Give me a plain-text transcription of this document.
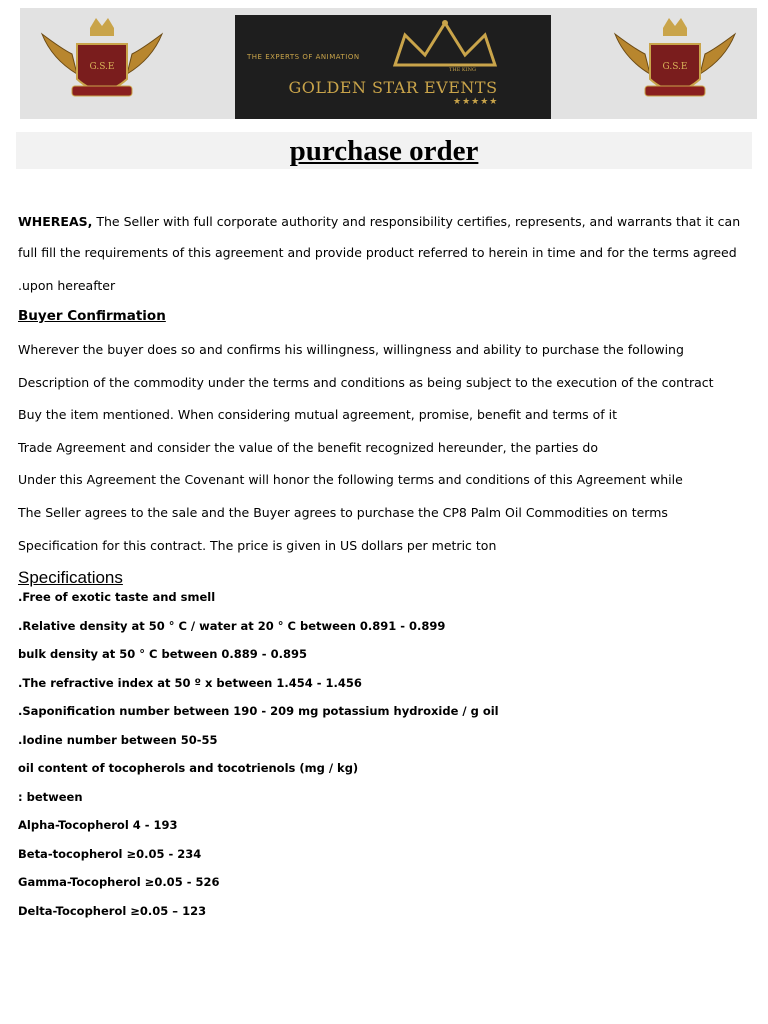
G.S.E
THE EXPERTS OF ANIMATION
THE KING
GOLDEN STAR EVENTS
★★★★★
G.S.E
purchase order
WHEREAS, The Seller with full corporate authority and responsibility certifies, represents, and warrants that it can
full fill the requirements of this agreement and provide product referred to herein in time and for the terms agreed
.upon hereafter
Buyer Confirmation
Wherever the buyer does so and confirms his willingness, willingness and ability to purchase the following
Description of the commodity under the terms and conditions as being subject to the execution of the contract
Buy the item mentioned. When considering mutual agreement, promise, benefit and terms of it
Trade Agreement and consider the value of the benefit recognized hereunder, the parties do
Under this Agreement the Covenant will honor the following terms and conditions of this Agreement while
The Seller agrees to the sale and the Buyer agrees to purchase the CP8 Palm Oil Commodities on terms
Specification for this contract. The price is given in US dollars per metric ton
Specifications
.Free of exotic taste and smell
.Relative density at 50 ° C / water at 20 ° C between 0.891 - 0.899
bulk density at 50 ° C between 0.889 - 0.895
.The refractive index at 50 º x between 1.454 - 1.456
.Saponification number between 190 - 209 mg potassium hydroxide / g oil
.Iodine number between 50-55
oil content of tocopherols and tocotrienols (mg / kg)
: between
Alpha-Tocopherol 4 - 193
Beta-tocopherol ≥0.05 - 234
Gamma-Tocopherol ≥0.05 - 526
Delta-Tocopherol ≥0.05 – 123
